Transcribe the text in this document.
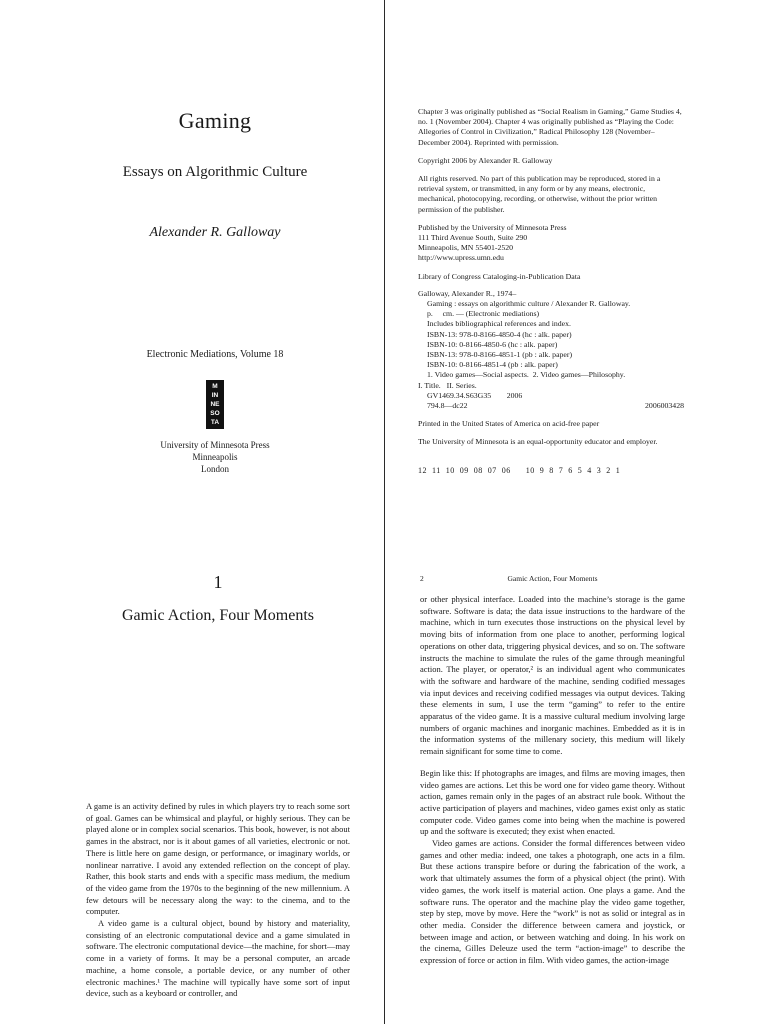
Gaming
Essays on Algorithmic Culture
Alexander R. Galloway
Electronic Mediations, Volume 18
M
IN
NE
SO
TA
University of Minnesota Press
Minneapolis
London
Chapter 3 was originally published as “Social Realism in Gaming,” Game Studies 4, no. 1 (November 2004). Chapter 4 was originally published as “Playing the Code: Allegories of Control in Civilization,” Radical Philosophy 128 (November–December 2004). Reprinted with permission.
Copyright 2006 by Alexander R. Galloway
All rights reserved. No part of this publication may be reproduced, stored in a retrieval system, or transmitted, in any form or by any means, electronic, mechanical, photocopying, recording, or otherwise, without the prior written permission of the publisher.
Published by the University of Minnesota Press
111 Third Avenue South, Suite 290
Minneapolis, MN 55401-2520
http://www.upress.umn.edu
Library of Congress Cataloging-in-Publication Data
Galloway, Alexander R., 1974–
Gaming : essays on algorithmic culture / Alexander R. Galloway.
p.     cm. — (Electronic mediations)
Includes bibliographical references and index.
ISBN-13: 978-0-8166-4850-4 (hc : alk. paper)
ISBN-10: 0-8166-4850-6 (hc : alk. paper)
ISBN-13: 978-0-8166-4851-1 (pb : alk. paper)
ISBN-10: 0-8166-4851-4 (pb : alk. paper)
1. Video games—Social aspects.  2. Video games—Philosophy.
I. Title.   II. Series.
GV1469.34.S63G35        2006
794.8—dc22	2006003428
Printed in the United States of America on acid-free paper
The University of Minnesota is an equal-opportunity educator and employer.
12  11  10  09  08  07  06      10  9  8  7  6  5  4  3  2  1
1
Gamic Action, Four Moments
A game is an activity defined by rules in which players try to reach some sort of goal. Games can be whimsical and playful, or highly serious. They can be played alone or in complex social scenarios. This book, however, is not about games in the abstract, nor is it about games of all varieties, electronic or not. There is little here on game design, or performance, or imaginary worlds, or nonlinear narrative. I avoid any extended reflection on the concept of play. Rather, this book starts and ends with a specific mass medium, the medium of the video game from the 1970s to the beginning of the new millennium. A few detours will be necessary along the way: to the cinema, and to the computer.
A video game is a cultural object, bound by history and materiality, consisting of an electronic computational device and a game simulated in software. The electronic computational device—the machine, for short—may come in a variety of forms. It may be a personal computer, an arcade machine, a home console, a portable device, or any number of other electronic machines.¹ The machine will typically have some sort of input device, such as a keyboard or controller, and
2	Gamic Action, Four Moments
or other physical interface. Loaded into the machine’s storage is the game software. Software is data; the data issue instructions to the hardware of the machine, which in turn executes those instructions on the physical level by moving bits of information from one place to another, performing logical operations on other data, triggering physical devices, and so on. The software instructs the machine to simulate the rules of the game through meaningful action. The player, or operator,² is an individual agent who communicates with the software and hardware of the machine, sending codified messages via input devices and receiving codified messages via output devices. Taking these elements in sum, I use the term “gaming” to refer to the entire apparatus of the video game. It is a massive cultural medium involving large numbers of organic machines and inorganic machines. Embedded as it is in the information systems of the millenary society, this medium will likely remain significant for some time to come.
Begin like this: If photographs are images, and films are moving images, then video games are actions. Let this be word one for video game theory. Without action, games remain only in the pages of an abstract rule book. Without the active participation of players and machines, video games exist only as static computer code. Video games come into being when the machine is powered up and the software is executed; they exist when enacted.
Video games are actions. Consider the formal differences between video games and other media: indeed, one takes a photograph, one acts in a film. But these actions transpire before or during the fabrication of the work, a work that ultimately assumes the form of a physical object (the print). With video games, the work itself is material action. One plays a game. And the software runs. The operator and the machine play the video game together, step by step, move by move. Here the “work” is not as solid or integral as in other media. Consider the difference between camera and joystick, or between image and action, or between watching and doing. In his work on the cinema, Gilles Deleuze used the term “action-image” to describe the expression of force or action in film. With video games, the action-image
